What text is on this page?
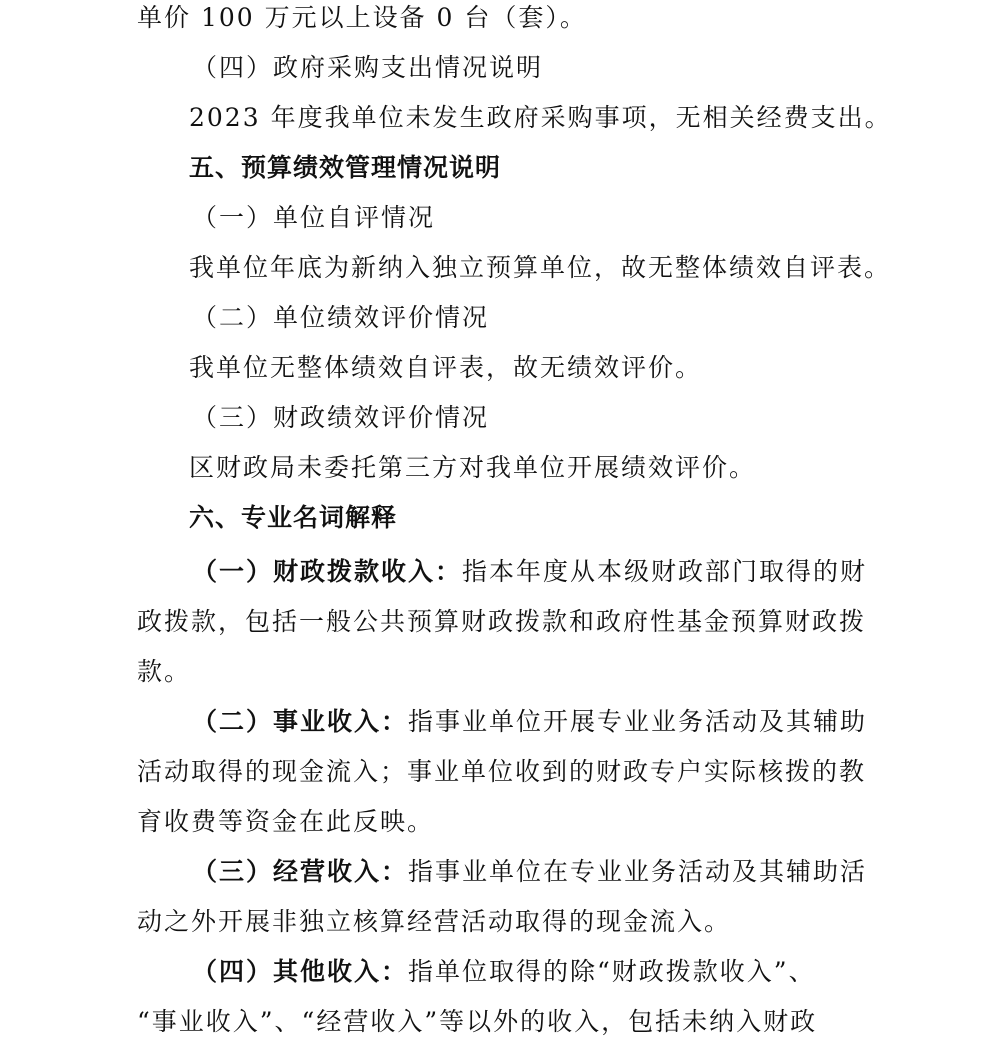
单价 100 万元以上设备 0 台（套）。
（四）政府采购支出情况说明
2023 年度我单位未发生政府采购事项，无相关经费支出。
五、预算绩效管理情况说明
（一）单位自评情况
我单位年底为新纳入独立预算单位，故无整体绩效自评表。
（二）单位绩效评价情况
我单位无整体绩效自评表，故无绩效评价。
（三）财政绩效评价情况
区财政局未委托第三方对我单位开展绩效评价。
六、专业名词解释
（一）财政拨款收入：指本年度从本级财政部门取得的财
政拨款，包括一般公共预算财政拨款和政府性基金预算财政拨
款。
（二）事业收入：指事业单位开展专业业务活动及其辅助
活动取得的现金流入；事业单位收到的财政专户实际核拨的教
育收费等资金在此反映。
（三）经营收入：指事业单位在专业业务活动及其辅助活
动之外开展非独立核算经营活动取得的现金流入。
（四）其他收入：指单位取得的除“财政拨款收入”、
“事业收入”、“经营收入”等以外的收入，包括未纳入财政
